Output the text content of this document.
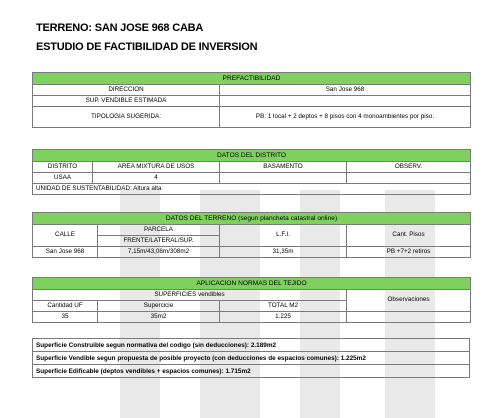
TERRENO: SAN JOSE 968 CABA
ESTUDIO DE FACTIBILIDAD DE INVERSION
PREFACTIBILIDAD	
DIRECCION	San Jose 968
SUP. VENDIBLE ESTIMADA	
TIPOLOGIA SUGERIDA:	PB: 1 local + 2 deptos + 8 pisos con 4 monoambientes por piso.
DATOS DEL DISTRITO			
DISTRITO	AREA MIXTURA DE USOS	BASAMENTO	OBSERV.
USAA	4		
UNIDAD DE SUSTENTABILIDAD: Altura alta			
DATOS DEL TERRENO (segun plancheta catastral online)			
CALLE	PARCELA	L.F.I.	Cant. Pisos
	FRENTE/LATERAL/SUP.		
San Jose 968	7,15m/43,08m/308m2	31,35m	PB +7+2 retiros
APLICACION NORMAS DEL TEJIDO			
SUPERFICIES vendibles			Observaciones
Cantidad UF	Supercicie	TOTAL M2	
35	35m2	1.225	
Superficie Construible segun normativa del codigo (sin deducciones): 2.189m2
Superficie Vendible segun propuesta de posible proyecto (con deducciones de espacios comunes): 1.225m2
Superficie Edificable (deptos vendibles + espacios comunes): 1.715m2
